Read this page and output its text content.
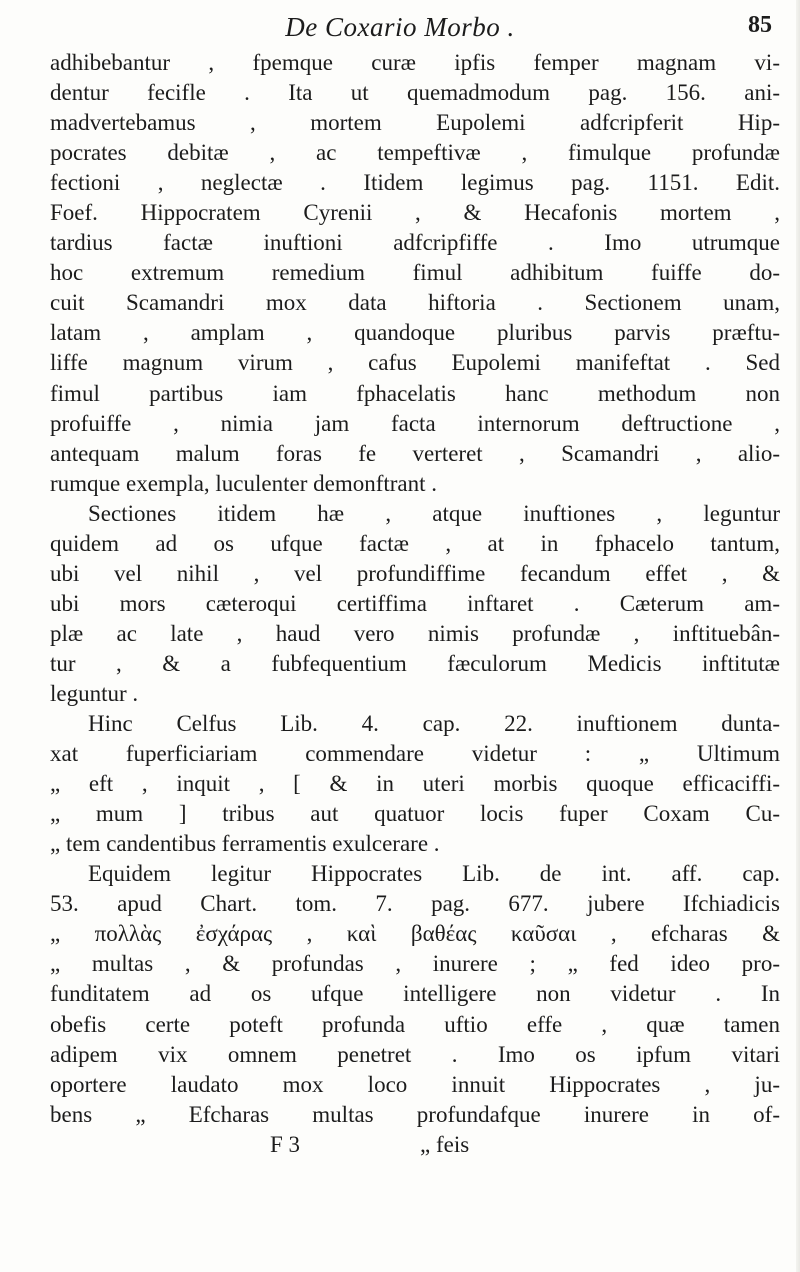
De Coxario Morbo .	85
adhibebantur , fpemque curæ ipfis femper magnam vi-
dentur fecifle . Ita ut quemadmodum pag. 156. ani-
madvertebamus , mortem Eupolemi adfcripferit Hip-
pocrates debitæ , ac tempeftivæ , fimulque profundæ
fectioni , neglectæ . Itidem legimus pag. 1151. Edit.
Foef. Hippocratem Cyrenii , & Hecafonis mortem ,
tardius factæ inuftioni adfcripfiffe . Imo utrumque
hoc extremum remedium fimul adhibitum fuiffe do-
cuit Scamandri mox data hiftoria . Sectionem unam,
latam , amplam , quandoque pluribus parvis præftu-
liffe magnum virum , cafus Eupolemi manifeftat . Sed
fimul partibus iam fphacelatis hanc methodum non
profuiffe , nimia jam facta internorum deftructione ,
antequam malum foras fe verteret , Scamandri , alio-
rumque exempla, luculenter demonftrant .
Sectiones itidem hæ , atque inuftiones , leguntur
quidem ad os ufque factæ , at in fphacelo tantum,
ubi vel nihil , vel profundiffime fecandum effet , &
ubi mors cæteroqui certiffima inftaret . Cæterum am-
plæ ac late , haud vero nimis profundæ , inftituebân-
tur , & a fubfequentium fæculorum Medicis inftitutæ
leguntur .
Hinc Celfus Lib. 4. cap. 22. inuftionem dunta-
xat fuperficiariam commendare videtur : „ Ultimum
„ eft , inquit , [ & in uteri morbis quoque efficaciffi-
„ mum ] tribus aut quatuor locis fuper Coxam Cu-
„ tem candentibus ferramentis exulcerare .
Equidem legitur Hippocrates Lib. de int. aff. cap.
53. apud Chart. tom. 7. pag. 677. jubere Ifchiadicis
„ πολλὰς ἐσχάρας , καὶ βαθέας καῦσαι , efcharas &
„ multas , & profundas , inurere ; „ fed ideo pro-
funditatem ad os ufque intelligere non videtur . In
obefis certe poteft profunda uftio effe , quæ tamen
adipem vix omnem penetret . Imo os ipfum vitari
oportere laudato mox loco innuit Hippocrates , ju-
bens „ Efcharas multas profundafque inurere in of-
F 3	„ feis
